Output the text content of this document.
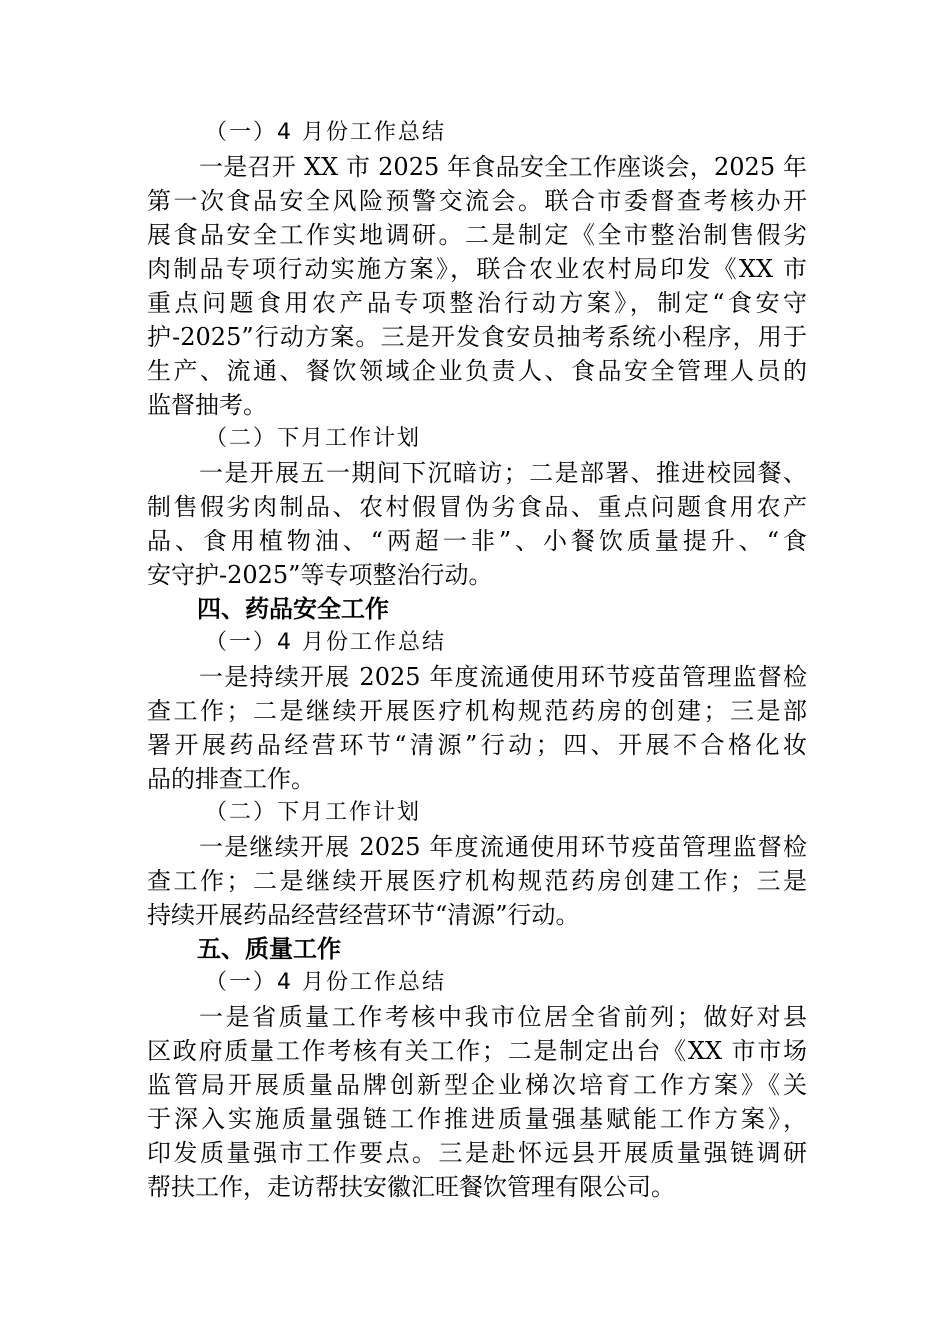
（一）4 月份工作总结
一是召开 XX 市 2025 年食品安全工作座谈会，2025 年
第一次食品安全风险预警交流会。联合市委督查考核办开
展食品安全工作实地调研。二是制定《全市整治制售假劣
肉制品专项行动实施方案》，联合农业农村局印发《XX 市
重点问题食用农产品专项整治行动方案》，制定“食安守
护-2025”行动方案。三是开发食安员抽考系统小程序，用于
生产、流通、餐饮领域企业负责人、食品安全管理人员的
监督抽考。
（二）下月工作计划
一是开展五一期间下沉暗访；二是部署、推进校园餐、
制售假劣肉制品、农村假冒伪劣食品、重点问题食用农产
品、食用植物油、“两超一非”、小餐饮质量提升、“食
安守护-2025”等专项整治行动。
四、药品安全工作
（一）4 月份工作总结
一是持续开展 2025 年度流通使用环节疫苗管理监督检
查工作；二是继续开展医疗机构规范药房的创建；三是部
署开展药品经营环节“清源”行动；四、开展不合格化妆
品的排查工作。
（二）下月工作计划
一是继续开展 2025 年度流通使用环节疫苗管理监督检
查工作；二是继续开展医疗机构规范药房创建工作；三是
持续开展药品经营经营环节“清源”行动。
五、质量工作
（一）4 月份工作总结
一是省质量工作考核中我市位居全省前列；做好对县
区政府质量工作考核有关工作；二是制定出台《XX 市市场
监管局开展质量品牌创新型企业梯次培育工作方案》《关
于深入实施质量强链工作推进质量强基赋能工作方案》，
印发质量强市工作要点。三是赴怀远县开展质量强链调研
帮扶工作，走访帮扶安徽汇旺餐饮管理有限公司。
